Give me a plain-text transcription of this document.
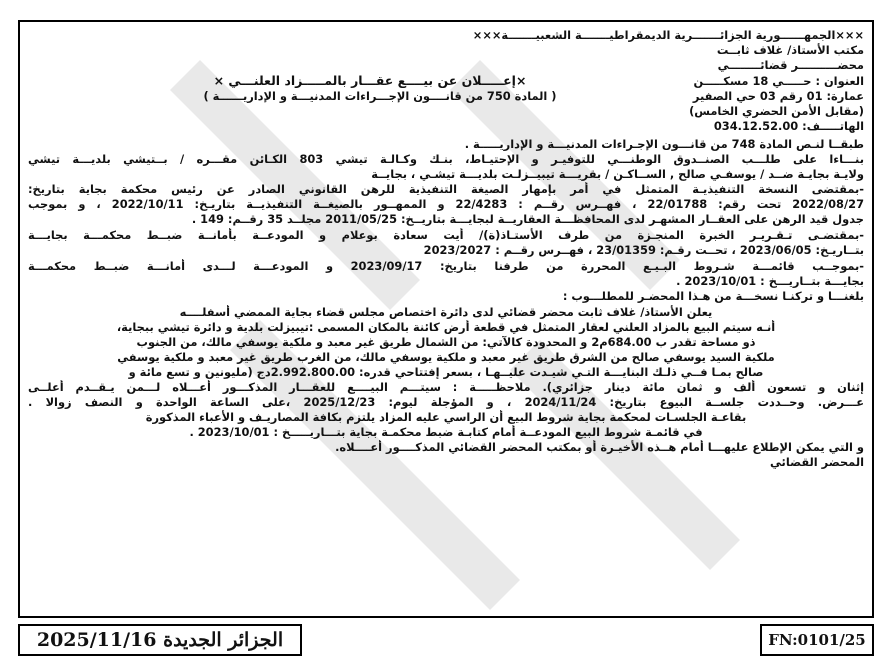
×××الجمهــــــورية الجزائـــــــرية الديمقراطيـــــــة الشعبيـــــــة×××
مكتب الأستاذ/ غلاف ثابــت
محضــــــــــر قضائــــــــي
العنوان : حـــــي 18 مسكـــــن
×إعـــــلان عن بيــــع عقـــار بالمـــــزاد العلنـــي ×
عمارة: 01 رقم 03 حي الصفير
( المادة 750 من قانــــون الإجـــراءات المدنيـــة و الإداريــــــة )
(مقابل الأمن الحضري الخامس)
الهاتـــــف: 034.12.52.00
طبقــا لنـص المادة 748 من قانـــون الإجـراءات المدنيـــة و الإداريـــــة .
بنـــاءا على طلـــب الصنــدوق الوطنـــي للتوفيـر و الإحتيـاط، بنـك وكـالـة تيشي 803 الكـائن مقـــره / بــتيشي بلديـــة تيشي
ولايـة بجايـة ضــد / يوسفـي صالح , الســاكـن / بقريـــة تيبيــزلـت بلديـــة تيشـي ، بجايــة
-بمقتضى النسخة التنفيذيـة المتمثل في أمر بإمهار الصيغة التنفيذية للرهن القانوني الصادر عن رئيس محكمة بجاية بتاريخ:
2022/08/27 تحت رقم: 22/01788 ، فهــرس رقــم : 22/4283 و الممهــور بالصيغــة التنفيذيــة بتاريـخ: 2022/10/11 ، و بموجب
جدول قيد الرهن على العقــار المشهـر لدى المحافظـــة العقاريــة لبجايـــة بتاريــخ: 2011/05/25 مجلــد 35 رقــم: 149 .
-بمقتضـى تـقـريـر الخبرة المنجـزة من طرف الأستـاذ(ة)/ أيت سعادة بوعلام و المودعــة بأمانــة ضبــط محكمـــة بجايـــة
بتــاريـخ: 2023/06/05 ، تحــت رقـم: 23/01359 ، فهــرس رقــم : 2023/2027
-بموجــب قائمـــة شـروط البـيـع المحررة من طرفنا بتاريخ: 2023/09/17 و المودعـــة لـــدى أمانـــة ضبــط محكمـــة
بجايـــة بتــاريـــخ : 2023/10/01 .
بلغنـــا و تركنـا نسخـــة من هـذا المحضـر للمطلـــوب :
يعلن الأستاذ/ غلاف ثابت محضر قضائي لدى دائرة اختصاص مجلس قضاء بجاية الممضي أسفلــــه
أنـه سيتم البيع بالمزاد العلني لعقار المتمثل في قطعة أرض كائنة بالمكان المسمى :تيبيزلت بلدية و دائرة تيشي ببجاية،
ذو مساحة تقدر ب 684.00م2 و المحدودة كالآتي: من الشمال طريق غير معبد و ملكية يوسفي مالك، من الجنوب
ملكية السيد يوسفي صالح من الشرق طريق غير معبد و ملكية يوسفي مالك، من الغرب طريق غير معبد و ملكية يوسفي
صالح بمـا فــي ذلـك البنايـــة التـي شيـدت عليــهـا ، بسعر إفتتاحي قدره: 2.992.800.00دج (مليونين و تسع مائة و
إثنان و تسعون ألف و ثمان مائة دينار جزائري). ملاحظـــــة : سيتـــم البيــــع للعقـــار المذكـــور أعـــلاه لـــمن يـقــدم أعلــى
عـــرض. وحــددت جلســة البيوع بتاريخ: 2024/11/24 ، و المؤجلة ليوم: 2025/12/23 ،على الساعة الواحدة و النصف زوالا .
بقاعـة الجلسـات لمحكمة بجاية شروط البيع أن الراسي عليه المزاد يلتزم بكافة المصاريـف و الأعباء المذكورة
في قائمـة شروط البيع المودعــة أمام كتابـة ضبط محكمـة بجاية بتـــاريـــــخ : 2023/10/01 .
و التي يمكن الإطلاع عليهـــا أمام هــذه الأخيـرة أو بمكتب المحضر القضائي المذكــــور أعــــلاه.
المحضر القضائي
الجزائر الجديدة 2025/11/16	FN:0101/25
